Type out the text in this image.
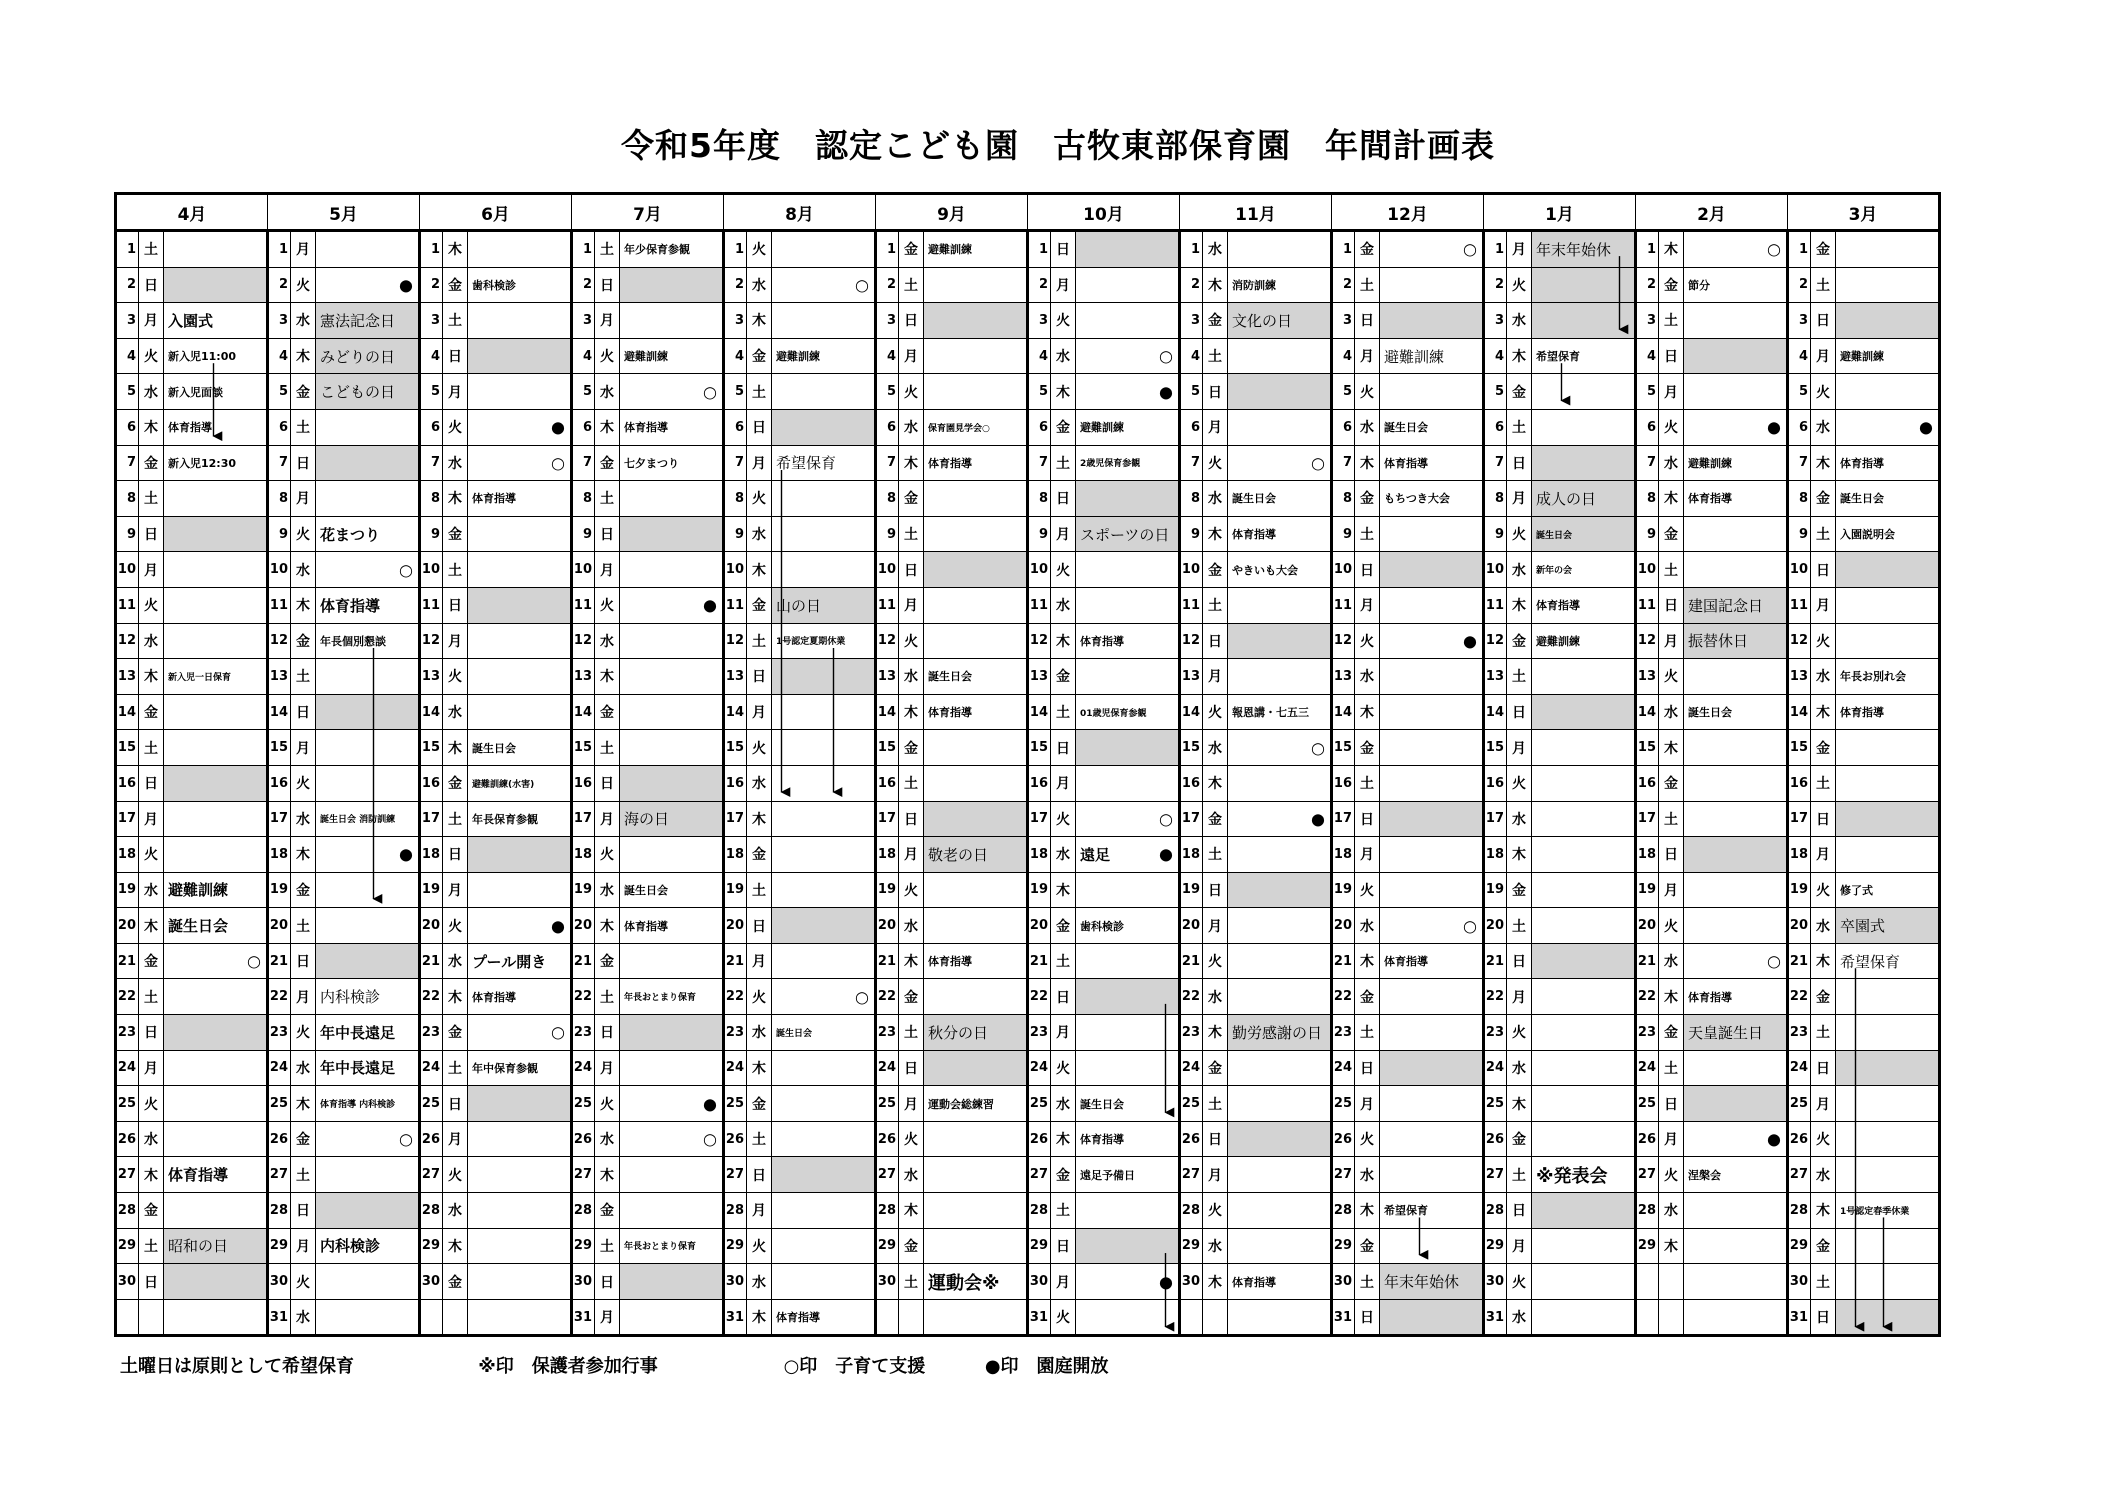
令和5年度　認定こども園　古牧東部保育園　年間計画表
4月			5月			6月			7月			8月			9月			10月			11月			12月			1月			2月			3月		
1	土		1	月		1	木		1	土	年少保育参観	1	火		1	金	避難訓練	1	日		1	水		1	金	○	1	月	年末年始休	1	木	○	1	金	
2	日		2	火	●	2	金	歯科検診	2	日		2	水	○	2	土		2	月		2	木	消防訓練	2	土		2	火		2	金	節分	2	土	
3	月	入園式	3	水	憲法記念日	3	土		3	月		3	木		3	日		3	火		3	金	文化の日	3	日		3	水		3	土		3	日	
4	火	新入児11:00	4	木	みどりの日	4	日		4	火	避難訓練	4	金	避難訓練	4	月		4	水	○	4	土		4	月	避難訓練	4	木	希望保育	4	日		4	月	避難訓練
5	水	新入児面談	5	金	こどもの日	5	月		5	水	○	5	土		5	火		5	木	●	5	日		5	火		5	金		5	月		5	火	
6	木	体育指導	6	土		6	火	●	6	木	体育指導	6	日		6	水	保育園見学会○	6	金	避難訓練	6	月		6	水	誕生日会	6	土		6	火	●	6	水	●

7	金	新入児12:30	7	日		7	水	○	7	金	七夕まつり	7	月	希望保育	7	木	体育指導	7	土	2歳児保育参観	7	火	○	7	木	体育指導	7	日		7	水	避難訓練	7	木	体育指導
8	土		8	月		8	木	体育指導	8	土		8	火		8	金		8	日		8	水	誕生日会	8	金	もちつき大会	8	月	成人の日	8	木	体育指導	8	金	誕生日会
9	日		9	火	花まつり	9	金		9	日		9	水		9	土		9	月	スポーツの日	9	木	体育指導	9	土		9	火	誕生日会	9	金		9	土	入園説明会
10	月		10	水	○	10	土		10	月		10	木		10	日		10	火		10	金	やきいも大会	10	日		10	水	新年の会	10	土		10	日	
11	火		11	木	体育指導	11	日		11	火	●	11	金	山の日	11	月		11	水		11	土		11	月		11	木	体育指導	11	日	建国記念日	11	月	
12	水		12	金	年長個別懇談	12	月		12	水		12	土	1号認定夏期休業	12	火		12	木	体育指導	12	日		12	火	●	12	金	避難訓練	12	月	振替休日	12	火	
13	木	新入児一日保育	13	土		13	火		13	木		13	日		13	水	誕生日会	13	金		13	月		13	水		13	土		13	火		13	水	年長お別れ会
14	金		14	日		14	水		14	金		14	月		14	木	体育指導	14	土	01歳児保育参観	14	火	報恩講・七五三	14	木		14	日		14	水	誕生日会	14	木	体育指導
15	土		15	月		15	木	誕生日会	15	土		15	火		15	金		15	日		15	水	○	15	金		15	月		15	木		15	金	
16	日		16	火		16	金	避難訓練(水害)	16	日		16	水		16	土		16	月		16	木		16	土		16	火		16	金		16	土	
17	月		17	水	誕生日会 消防訓練	17	土	年長保育参観	17	月	海の日	17	木		17	日		17	火	○	17	金	●	17	日		17	水		17	土		17	日	
18	火		18	木	●	18	日		18	火		18	金		18	月	敬老の日	18	水	遠足 ●	18	土		18	月		18	木		18	日		18	月	
19	水	避難訓練	19	金		19	月		19	水	誕生日会	19	土		19	火		19	木		19	日		19	火		19	金		19	月		19	火	修了式
20	木	誕生日会	20	土		20	火	●	20	木	体育指導	20	日		20	水		20	金	歯科検診	20	月		20	水	○	20	土		20	火		20	水	卒園式
21	金	○	21	日		21	水	プール開き	21	金		21	月		21	木	体育指導	21	土		21	火		21	木	体育指導	21	日		21	水	○	21	木	希望保育
22	土		22	月	内科検診	22	木	体育指導	22	土	年長おとまり保育	22	火	○	22	金		22	日		22	水		22	金		22	月		22	木	体育指導	22	金	
23	日		23	火	年中長遠足	23	金	○	23	日		23	水	誕生日会	23	土	秋分の日	23	月		23	木	勤労感謝の日	23	土		23	火		23	金	天皇誕生日	23	土	
24	月		24	水	年中長遠足	24	土	年中保育参観	24	月		24	木		24	日		24	火		24	金		24	日		24	水		24	土		24	日	
25	火		25	木	体育指導 内科検診	25	日		25	火	●	25	金		25	月	運動会総練習	25	水	誕生日会	25	土		25	月		25	木		25	日		25	月	
26	水		26	金	○	26	月		26	水	○	26	土		26	火		26	木	体育指導	26	日		26	火		26	金		26	月	●	26	火	
27	木	体育指導	27	土		27	火		27	木		27	日		27	水		27	金	遠足予備日	27	月		27	水		27	土	※発表会	27	火	涅槃会	27	水	
28	金		28	日		28	水		28	金		28	月		28	木		28	土		28	火		28	木	希望保育	28	日		28	水		28	木	1号認定春季休業
29	土	昭和の日	29	月	内科検診	29	木		29	土	年長おとまり保育	29	火		29	金		29	日		29	水		29	金		29	月		29	木		29	金	
30	日		30	火		30	金		30	日		30	水		30	土	運動会※	30	月	●	30	木	体育指導	30	土	年末年始休	30	火					30	土	
			31	水					31	月		31	木	体育指導				31	火					31	日		31	水					31	日	
土曜日は原則として希望保育	※印　保護者参加行事	○印　子育て支援	●印　園庭開放
